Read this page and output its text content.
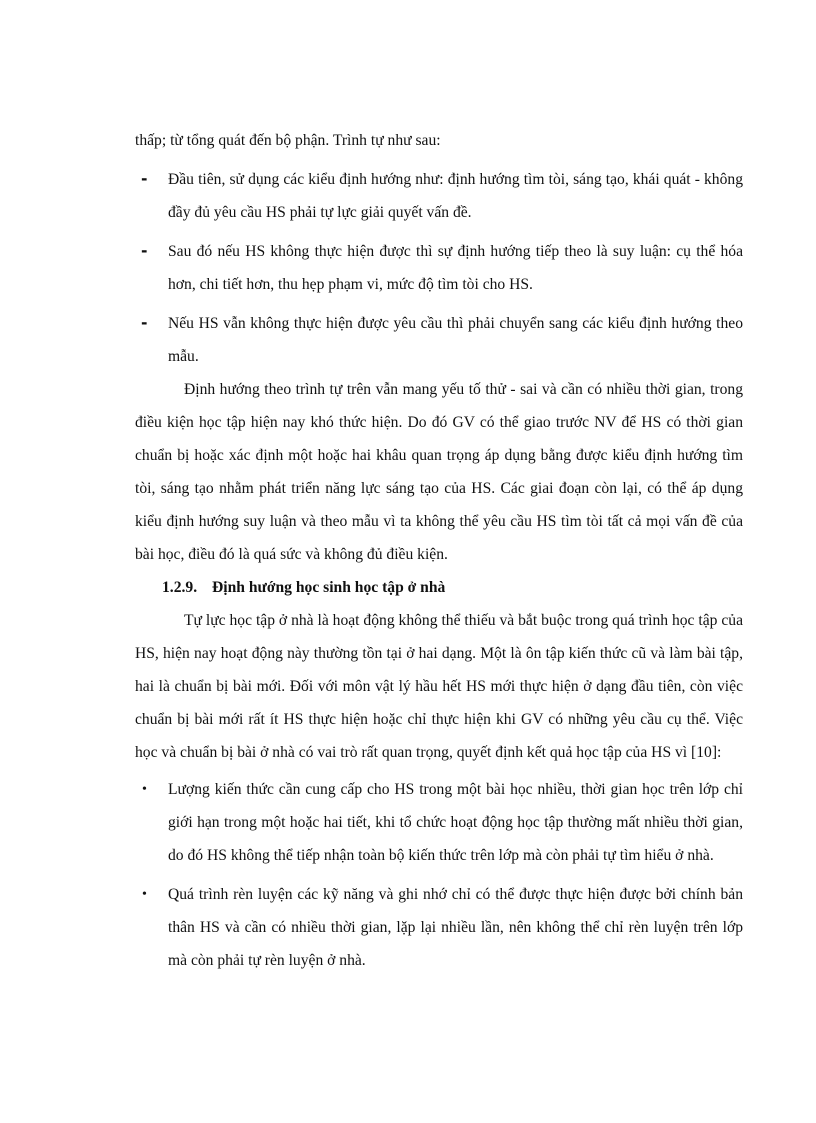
thấp; từ tổng quát đến bộ phận. Trình tự như sau:

- Đầu tiên, sử dụng các kiểu định hướng như: định hướng tìm tòi, sáng tạo, khái quát - không đầy đủ yêu cầu HS phải tự lực giải quyết vấn đề.
- Sau đó nếu HS không thực hiện được thì sự định hướng tiếp theo là suy luận: cụ thể hóa hơn, chi tiết hơn, thu hẹp phạm vi, mức độ tìm tòi cho HS.
- Nếu HS vẫn không thực hiện được yêu cầu thì phải chuyển sang các kiểu định hướng theo mẫu.

Định hướng theo trình tự trên vẫn mang yếu tố thử - sai và cần có nhiều thời gian, trong điều kiện học tập hiện nay khó thức hiện. Do đó GV có thể giao trước NV để HS có thời gian chuẩn bị hoặc xác định một hoặc hai khâu quan trọng áp dụng bằng được kiểu định hướng tìm tòi, sáng tạo nhằm phát triển năng lực sáng tạo của HS. Các giai đoạn còn lại, có thể áp dụng kiểu định hướng suy luận và theo mẫu vì ta không thể yêu cầu HS tìm tòi tất cả mọi vấn đề của bài học, điều đó là quá sức và không đủ điều kiện.

1.2.9. Định hướng học sinh học tập ở nhà

Tự lực học tập ở nhà là hoạt động không thể thiếu và bắt buộc trong quá trình học tập của HS, hiện nay hoạt động này thường tồn tại ở hai dạng. Một là ôn tập kiến thức cũ và làm bài tập, hai là chuẩn bị bài mới. Đối với môn vật lý hầu hết HS mới thực hiện ở dạng đầu tiên, còn việc chuẩn bị bài mới rất ít HS thực hiện hoặc chỉ thực hiện khi GV có những yêu cầu cụ thể. Việc học và chuẩn bị bài ở nhà có vai trò rất quan trọng, quyết định kết quả học tập của HS vì [10]:

• Lượng kiến thức cần cung cấp cho HS trong một bài học nhiều, thời gian học trên lớp chỉ giới hạn trong một hoặc hai tiết, khi tổ chức hoạt động học tập thường mất nhiều thời gian, do đó HS không thể tiếp nhận toàn bộ kiến thức trên lớp mà còn phải tự tìm hiểu ở nhà.
• Quá trình rèn luyện các kỹ năng và ghi nhớ chỉ có thể được thực hiện được bởi chính bản thân HS và cần có nhiều thời gian, lặp lại nhiều lần, nên không thể chỉ rèn luyện trên lớp mà còn phải tự rèn luyện ở nhà.
